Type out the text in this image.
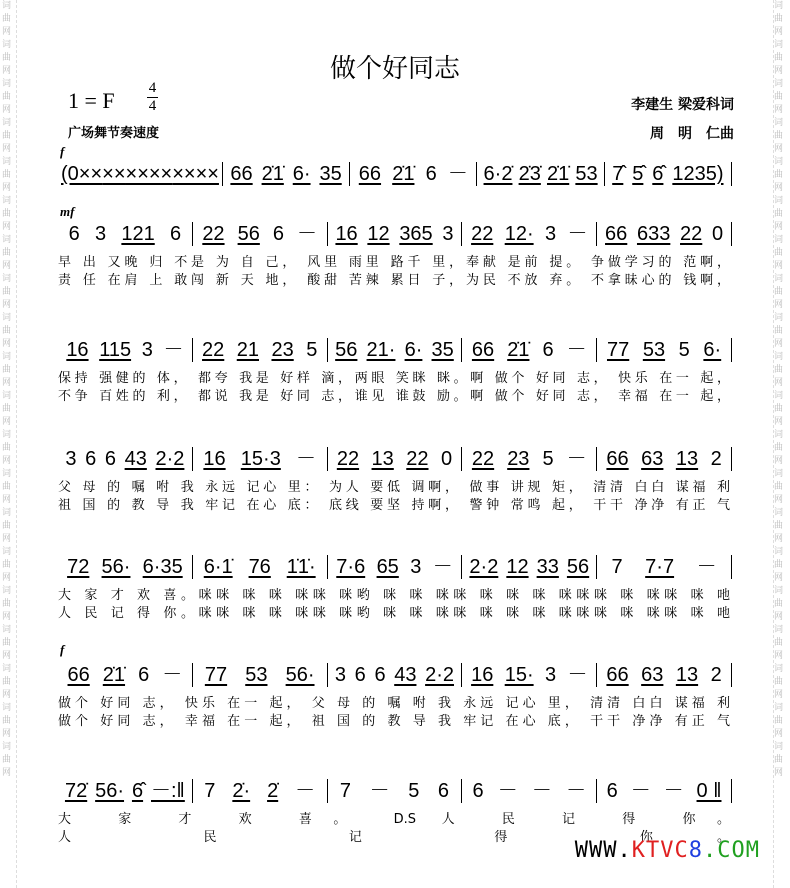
词曲网词曲网词曲网词曲网词曲网词曲网词曲网词曲网词曲网词曲网词曲网词曲网词曲网词曲网词曲网词曲网词曲网词曲网词曲网词曲网
词曲网词曲网词曲网词曲网词曲网词曲网词曲网词曲网词曲网词曲网词曲网词曲网词曲网词曲网词曲网词曲网词曲网词曲网词曲网词曲网
做个好同志
1 = F 4
4
广场舞节奏速度
李建生 梁爱科词
周　明　仁曲
f
mf
f
(0×× ×× ×××× ×××× 66 2̇1̇ 6· 35 66 2̇1̇ 6 － 6·2̇ 2̇3̇ 2̇1̇ 53 7̂ 5̂ 6̂ 1235)
6 3 121 6 22 56 6 － 16 12 365 3 22 12· 3 － 66 633 22 0
早 出 又晚 归 不是 为 自 己， 风里 雨里 路千 里，奉献 是前 提。 争做学习的 范啊，
责 任 在肩 上 敢闯 新 天 地， 酸甜 苦辣 累日 子，为民 不放 弃。 不拿昧心的 钱啊，
16 115 3 － 22 21 23 5 56 21· 6· 35 66 2̇1̇ 6 － 77 53 5 6·
保持 强健的 体， 都夸 我是 好样 滴，两眼 笑眯 眯。啊 做个 好同 志， 快乐 在一 起，
不争 百姓的 利， 都说 我是 好同 志，谁见 谁鼓 励。啊 做个 好同 志， 幸福 在一 起，
3 6 6 43 2·2 16 15·3 － 22 13 22 0 22 23 5 － 66 63 13 2
父 母 的 嘱 咐 我 永远 记心 里： 为人 要低 调啊， 做事 讲规 矩， 清清 白白 谋福 利
祖 国 的 教 导 我 牢记 在心 底： 底线 要坚 持啊， 警钟 常鸣 起， 干干 净净 有正 气
72 56· 6·35 6·1̇ 76 1̇1̇· 7·6 65 3 － 2·2 12 33 56 7 7·7 －
大 家 才 欢 喜。咪咪 咪 咪 咪咪 咪哟 咪 咪 咪咪 咪 咪 咪 咪咪咪 咪 咪咪 咪 吔
人 民 记 得 你。咪咪 咪 咪 咪咪 咪哟 咪 咪 咪咪 咪 咪 咪 咪咪咪 咪 咪咪 咪 吔
66 2̇1̇ 6 － 77 53 56· 3 6 6 43 2·2 16 15· 3 － 66 63 13 2
做个 好同 志， 快乐 在一 起， 父 母 的 嘱 咐 我 永远 记心 里， 清清 白白 谋福 利
做个 好同 志， 幸福 在一 起， 祖 国 的 教 导 我 牢记 在心 底， 干干 净净 有正 气
72̇ 56· 6̂ －:‖ 7 2̇· 2̇ － 7 － 5 6 6 － － － 6 － － 0 ‖
大 家 才 欢 喜。 D.S 人 民 记 得 你。
人 民 记 得 你。
WWW.KTVC8.COM
